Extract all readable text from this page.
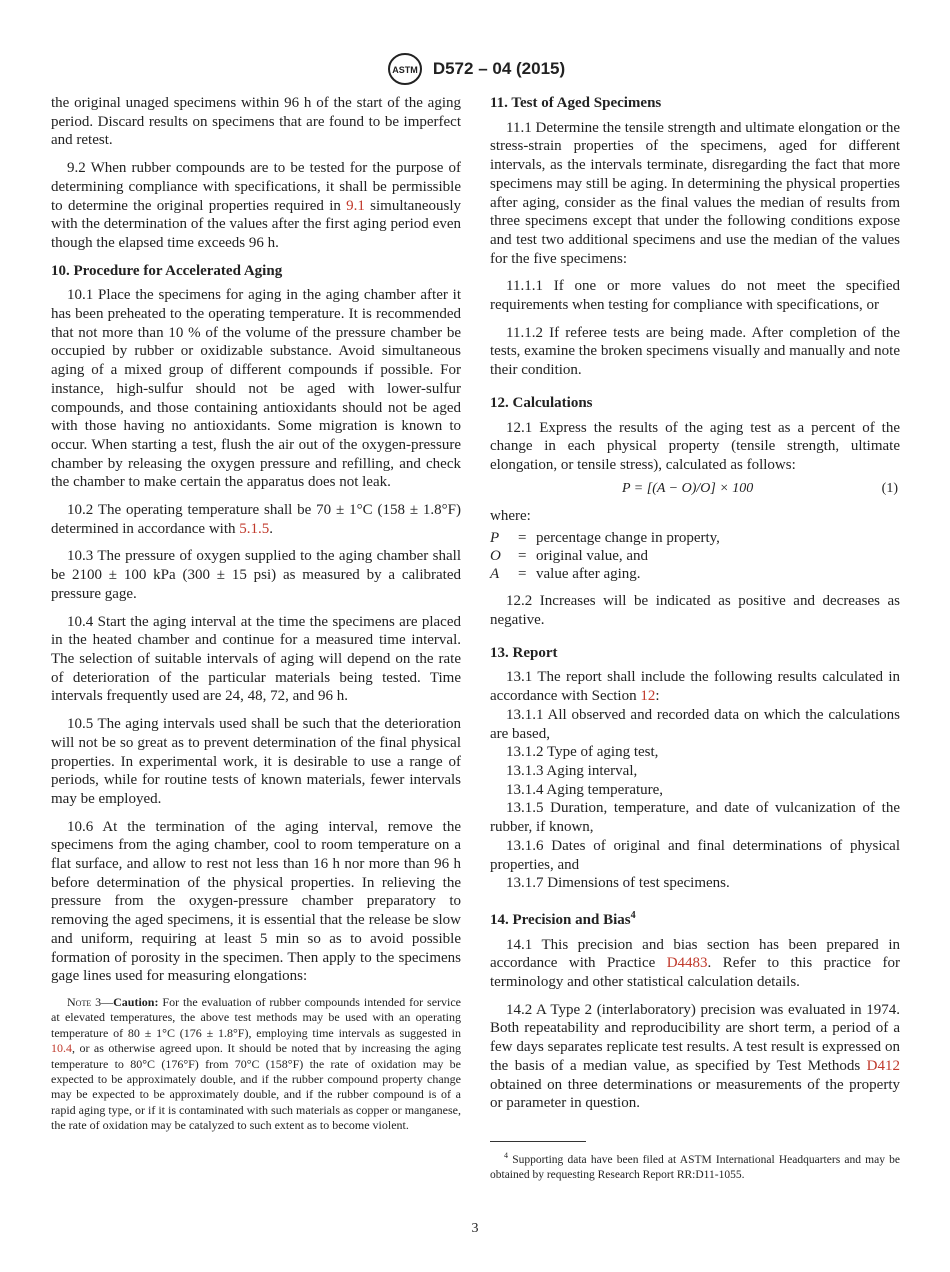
ASTM D572 – 04 (2015)

the original unaged specimens within 96 h of the start of the aging period. Discard results on specimens that are found to be imperfect and retest.

9.2 When rubber compounds are to be tested for the purpose of determining compliance with specifications, it shall be permissible to determine the original properties required in 9.1 simultaneously with the determination of the values after the first aging period even though the elapsed time exceeds 96 h.

10. Procedure for Accelerated Aging

10.1 Place the specimens for aging in the aging chamber after it has been preheated to the operating temperature. It is recommended that not more than 10 % of the volume of the pressure chamber be occupied by rubber or oxidizable substance. Avoid simultaneous aging of a mixed group of different compounds if possible. For instance, high-sulfur should not be aged with lower-sulfur compounds, and those containing antioxidants should not be aged with those having no antioxidants. Some migration is known to occur. When starting a test, flush the air out of the oxygen-pressure chamber by releasing the oxygen pressure and refilling, and check the chamber to make certain the apparatus does not leak.

10.2 The operating temperature shall be 70 ± 1°C (158 ± 1.8°F) determined in accordance with 5.1.5.

10.3 The pressure of oxygen supplied to the aging chamber shall be 2100 ± 100 kPa (300 ± 15 psi) as measured by a calibrated pressure gage.

10.4 Start the aging interval at the time the specimens are placed in the heated chamber and continue for a measured time interval. The selection of suitable intervals of aging will depend on the rate of deterioration of the particular materials being tested. Time intervals frequently used are 24, 48, 72, and 96 h.

10.5 The aging intervals used shall be such that the deterioration will not be so great as to prevent determination of the final physical properties. In experimental work, it is desirable to use a range of periods, while for routine tests of known materials, fewer intervals may be employed.

10.6 At the termination of the aging interval, remove the specimens from the aging chamber, cool to room temperature on a flat surface, and allow to rest not less than 16 h nor more than 96 h before determination of the physical properties. In relieving the pressure from the oxygen-pressure chamber preparatory to removing the aged specimens, it is essential that the release be slow and uniform, requiring at least 5 min so as to avoid possible formation of porosity in the specimen. Then apply to the specimens gage lines used for measuring elongations:

Note 3—Caution: For the evaluation of rubber compounds intended for service at elevated temperatures, the above test methods may be used with an operating temperature of 80 ± 1°C (176 ± 1.8°F), employing time intervals as suggested in 10.4, or as otherwise agreed upon. It should be noted that by increasing the aging temperature to 80°C (176°F) from 70°C (158°F) the rate of oxidation may be expected to be approximately double, and if the rubber compound property change may be expected to be approximately double, and if the rubber compound is of a rapid aging type, or if it is contaminated with such materials as copper or manganese, the rate of oxidation may be catalyzed to such extent as to become violent.
11. Test of Aged Specimens

11.1 Determine the tensile strength and ultimate elongation or the stress-strain properties of the specimens, aged for different intervals, as the intervals terminate, disregarding the fact that more specimens may still be aging. In determining the physical properties after aging, consider as the final values the median of results from three specimens except that under the following conditions expose and test two additional specimens and use the median of the values for the five specimens:

11.1.1 If one or more values do not meet the specified requirements when testing for compliance with specifications, or

11.1.2 If referee tests are being made. After completion of the tests, examine the broken specimens visually and manually and note their condition.

12. Calculations

12.1 Express the results of the aging test as a percent of the change in each physical property (tensile strength, ultimate elongation, or tensile stress), calculated as follows:

P = [(A − O)/O] × 100	(1)

where:

P	= percentage change in property,
O	= original value, and
A	= value after aging.

12.2 Increases will be indicated as positive and decreases as negative.

13. Report

13.1 The report shall include the following results calculated in accordance with Section 12:

13.1.1 All observed and recorded data on which the calculations are based,

13.1.2 Type of aging test,

13.1.3 Aging interval,

13.1.4 Aging temperature,

13.1.5 Duration, temperature, and date of vulcanization of the rubber, if known,

13.1.6 Dates of original and final determinations of physical properties, and

13.1.7 Dimensions of test specimens.

14. Precision and Bias$^4$

14.1 This precision and bias section has been prepared in accordance with Practice D4483. Refer to this practice for terminology and other statistical calculation details.

14.2 A Type 2 (interlaboratory) precision was evaluated in 1974. Both repeatability and reproducibility are short term, a period of a few days separates replicate test results. A test result is expressed on the basis of a median value, as specified by Test Methods D412 obtained on three determinations or measurements of the property or parameter in question.

$^4$ Supporting data have been filed at ASTM International Headquarters and may be obtained by requesting Research Report RR:D11-1055.
3
